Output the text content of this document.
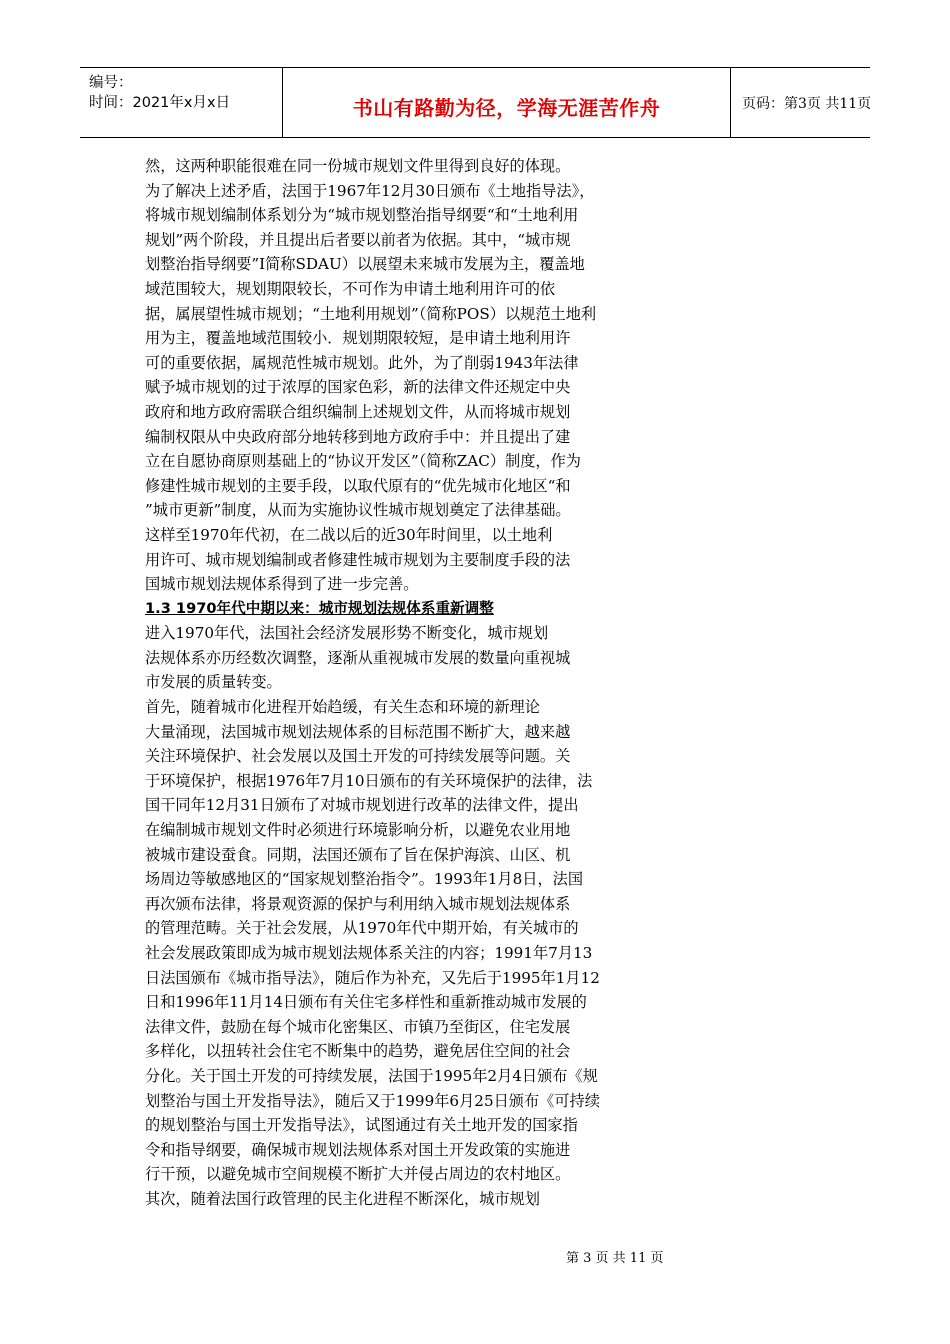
编号：
时间：2021年x月x日	书山有路勤为径，学海无涯苦作舟	页码：第3页 共11页
然，这两种职能很难在同一份城市规划文件里得到良好的体现。
为了解决上述矛盾，法国于1967年12月30日颁布《土地指导法》，
将城市规划编制体系划分为“城市规划整治指导纲要“和“土地利用
规划”两个阶段，并且提出后者要以前者为依据。其中，“城市规
划整治指导纲要”I简称SDAU）以展望未来城市发展为主，覆盖地
域范围较大，规划期限较长，不可作为申请土地利用许可的依
据，属展望性城市规划；“土地利用规划”（简称POS）以规范土地利
用为主，覆盖地域范围较小．规划期限较短，是申请土地利用许
可的重要依据，属规范性城市规划。此外，为了削弱1943年法律
赋予城市规划的过于浓厚的国家色彩，新的法律文件还规定中央
政府和地方政府需联合组织编制上述规划文件，从而将城市规划
编制权限从中央政府部分地转移到地方政府手中：并且提出了建
立在自愿协商原则基础上的“协议开发区”（简称ZAC）制度，作为
修建性城市规划的主要手段，以取代原有的“优先城市化地区“和
”城市更新”制度，从而为实施协议性城市规划奠定了法律基础。
这样至1970年代初，在二战以后的近30年时间里，以土地利
用许可、城市规划编制或者修建性城市规划为主要制度手段的法
国城市规划法规体系得到了进一步完善。
1.3 1970年代中期以来：城市规划法规体系重新调整
进入1970年代，法国社会经济发展形势不断变化，城市规划
法规体系亦历经数次调整，逐渐从重视城市发展的数量向重视城
市发展的质量转变。
首先，随着城市化进程开始趋缓，有关生态和环境的新理论
大量涌现，法国城市规划法规体系的目标范围不断扩大，越来越
关注环境保护、社会发展以及国土开发的可持续发展等问题。关
于环境保护，根据1976年7月10日颁布的有关环境保护的法律，法
国干同年12月31日颁布了对城市规划进行改革的法律文件，提出
在编制城市规划文件时必须进行环境影响分析，以避免农业用地
被城市建设蚕食。同期，法国还颁布了旨在保护海滨、山区、机
场周边等敏感地区的“国家规划整治指令”。1993年1月8日，法国
再次颁布法律，将景观资源的保护与利用纳入城市规划法规体系
的管理范畴。关于社会发展，从1970年代中期开始，有关城市的
社会发展政策即成为城市规划法规体系关注的内容；1991年7月13
日法国颁布《城市指导法》，随后作为补充，又先后于1995年1月12
日和1996年11月14日颁布有关住宅多样性和重新推动城市发展的
法律文件，鼓励在每个城市化密集区、市镇乃至街区，住宅发展
多样化，以扭转社会住宅不断集中的趋势，避免居住空间的社会
分化。关于国土开发的可持续发展，法国于1995年2月4日颁布《规
划整治与国土开发指导法》，随后又于1999年6月25日颁布《可持续
的规划整治与国土开发指导法》，试图通过有关土地开发的国家指
令和指导纲要，确保城市规划法规体系对国土开发政策的实施进
行干预，以避免城市空间规模不断扩大并侵占周边的农村地区。
其次，随着法国行政管理的民主化进程不断深化，城市规划
第 3 页 共 11 页
